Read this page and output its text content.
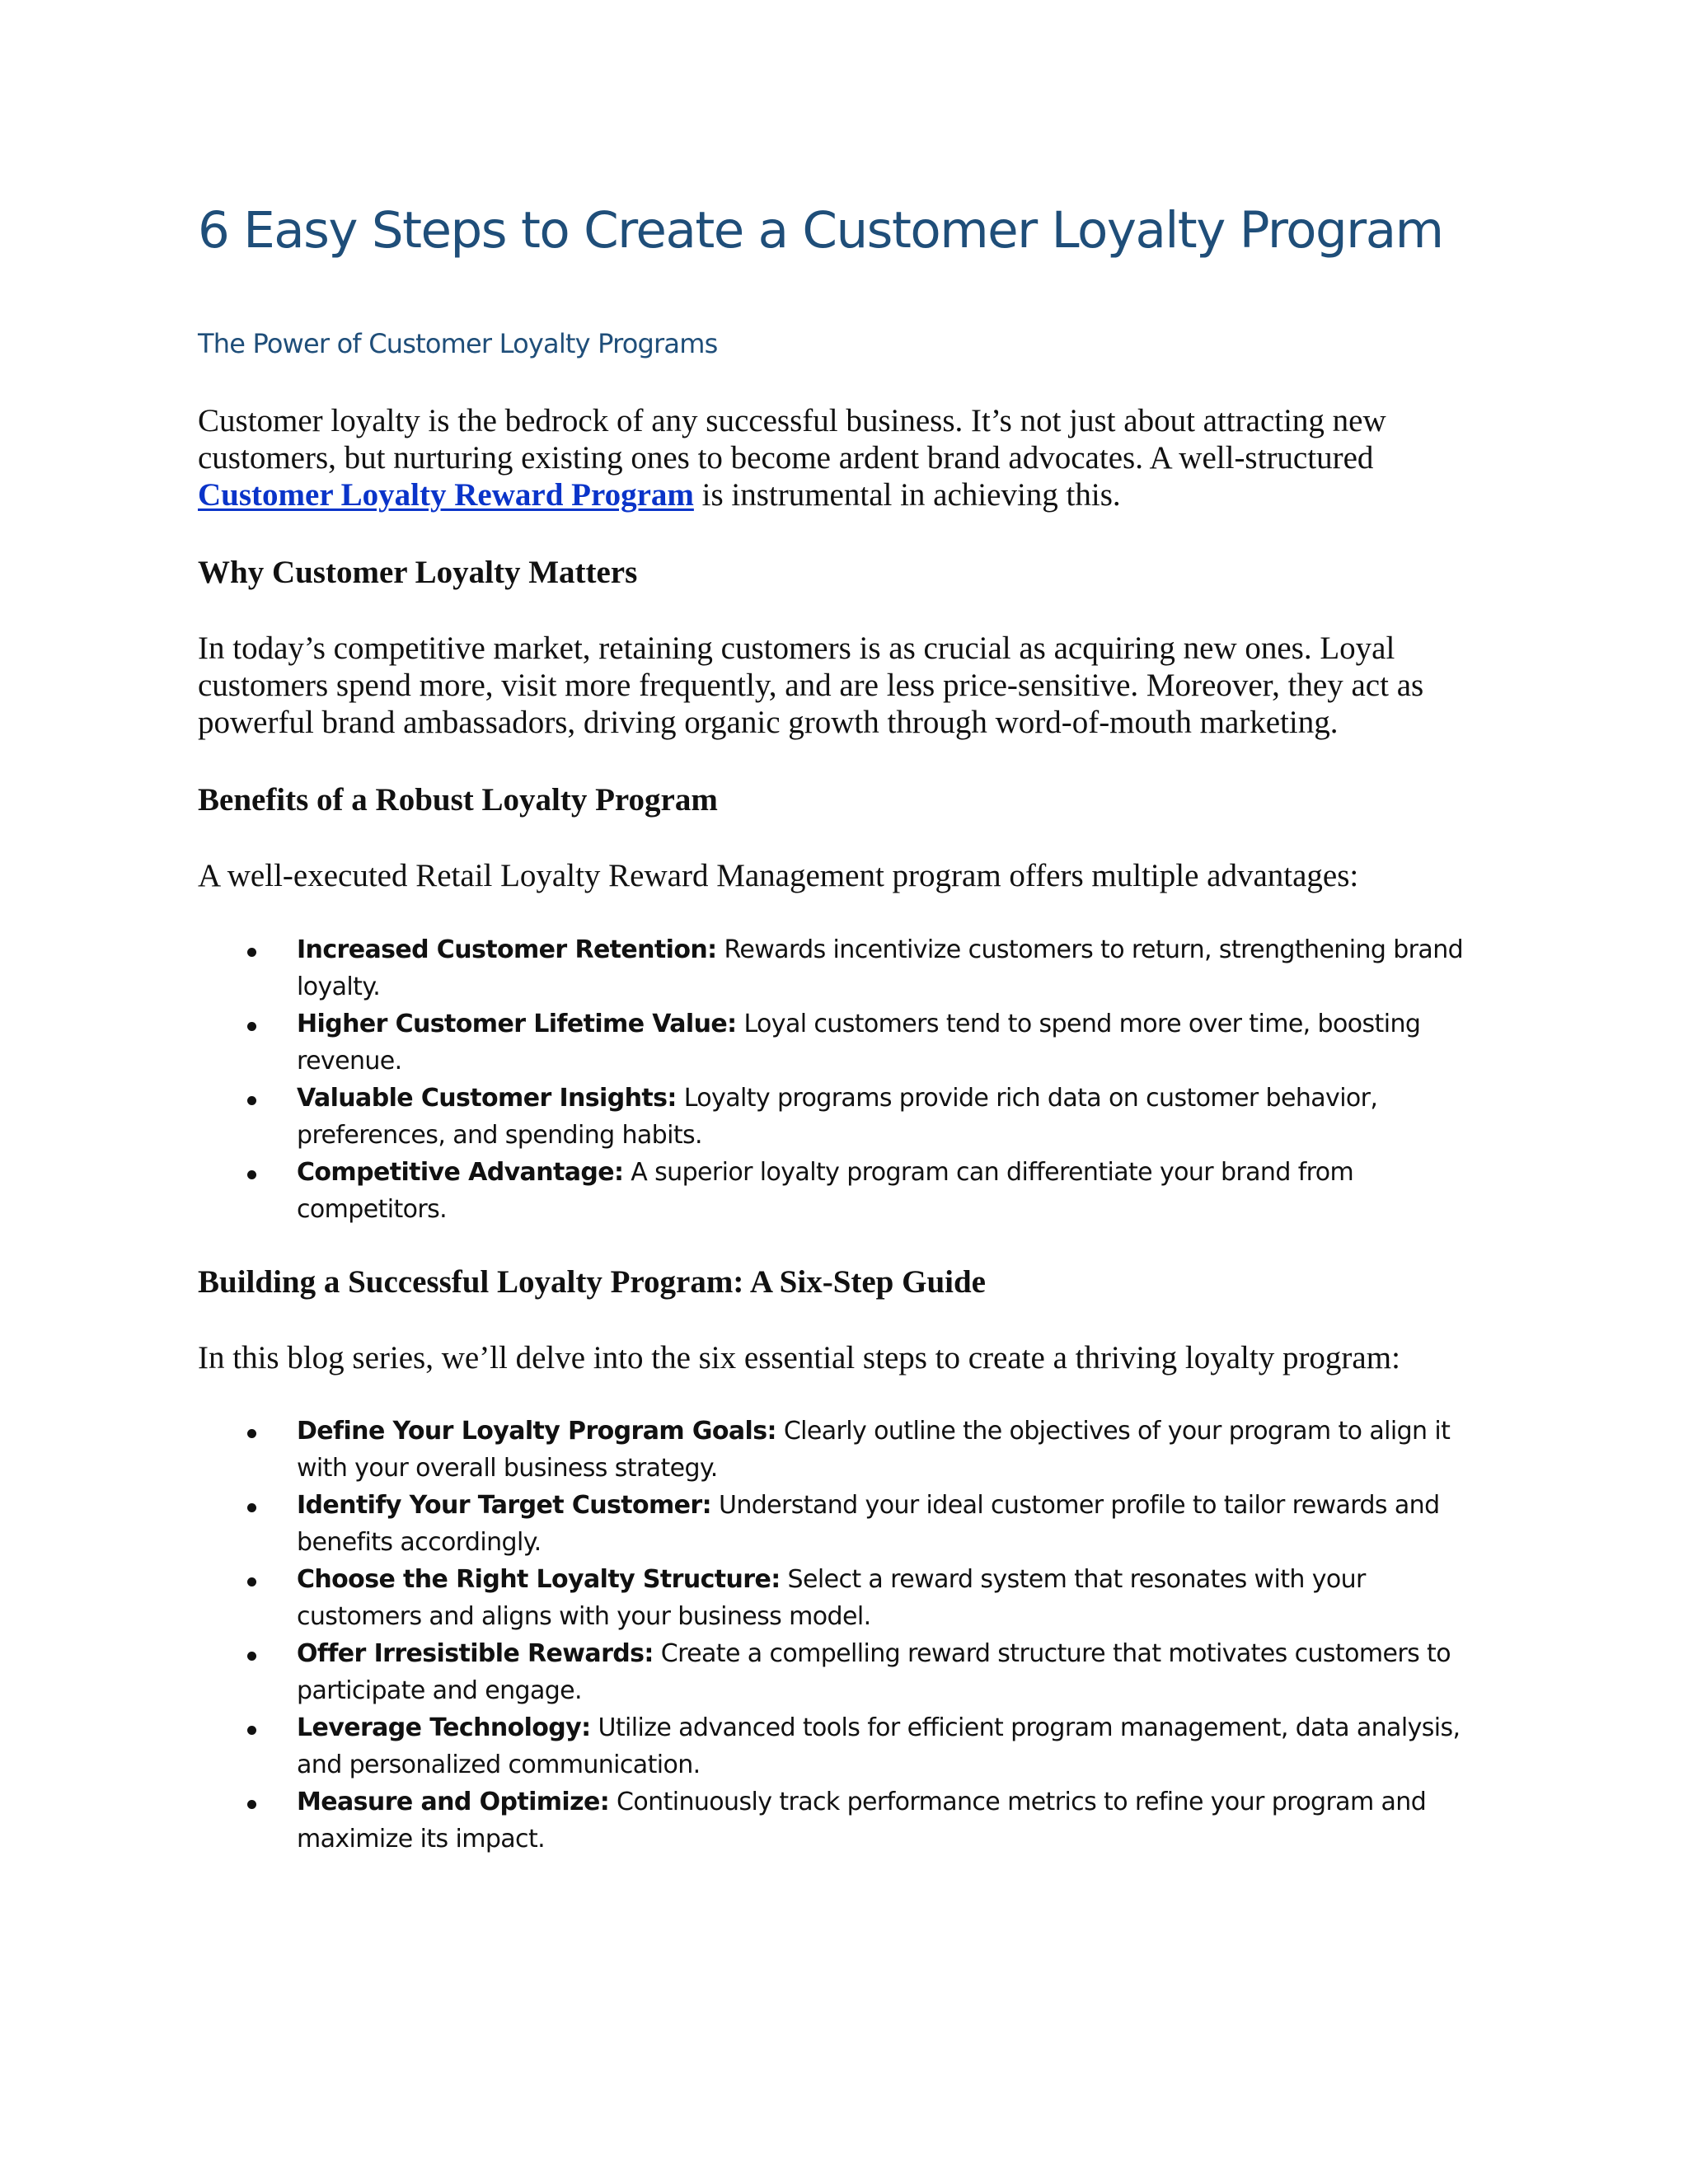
6 Easy Steps to Create a Customer Loyalty Program
The Power of Customer Loyalty Programs

Customer loyalty is the bedrock of any successful business. It’s not just about attracting new customers, but nurturing existing ones to become ardent brand advocates. A well-structured Customer Loyalty Reward Program is instrumental in achieving this.

Why Customer Loyalty Matters

In today’s competitive market, retaining customers is as crucial as acquiring new ones. Loyal customers spend more, visit more frequently, and are less price-sensitive. Moreover, they act as powerful brand ambassadors, driving organic growth through word-of-mouth marketing.

Benefits of a Robust Loyalty Program

A well-executed Retail Loyalty Reward Management program offers multiple advantages:

Increased Customer Retention: Rewards incentivize customers to return, strengthening brand loyalty.
Higher Customer Lifetime Value: Loyal customers tend to spend more over time, boosting revenue.
Valuable Customer Insights: Loyalty programs provide rich data on customer behavior, preferences, and spending habits.
Competitive Advantage: A superior loyalty program can differentiate your brand from competitors.
Building a Successful Loyalty Program: A Six-Step Guide

In this blog series, we’ll delve into the six essential steps to create a thriving loyalty program:

Define Your Loyalty Program Goals: Clearly outline the objectives of your program to align it with your overall business strategy.
Identify Your Target Customer: Understand your ideal customer profile to tailor rewards and benefits accordingly.
Choose the Right Loyalty Structure: Select a reward system that resonates with your customers and aligns with your business model.
Offer Irresistible Rewards: Create a compelling reward structure that motivates customers to participate and engage.
Leverage Technology: Utilize advanced tools for efficient program management, data analysis, and personalized communication.
Measure and Optimize: Continuously track performance metrics to refine your program and maximize its impact.
